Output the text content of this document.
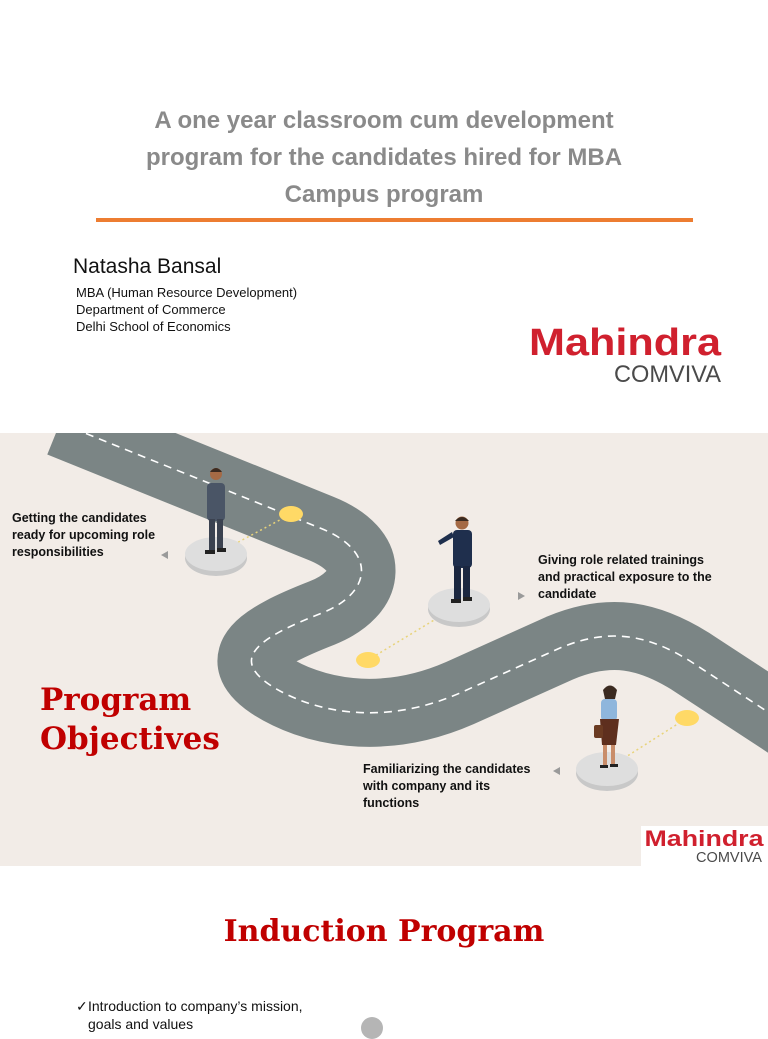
A one year classroom cum development
program for the candidates hired for MBA
Campus program
Natasha Bansal
MBA (Human Resource Development)
Department of Commerce
Delhi School of Economics	Mahindra
COMVIVA
Getting the candidates
ready for upcoming role
responsibilities
Giving role related trainings
and practical exposure to the
candidate
Familiarizing the candidates
with company and its
functions
Program
Objectives
Mahindra
COMVIVA
Induction Program
✓Introduction to company’s mission,
goals and values
